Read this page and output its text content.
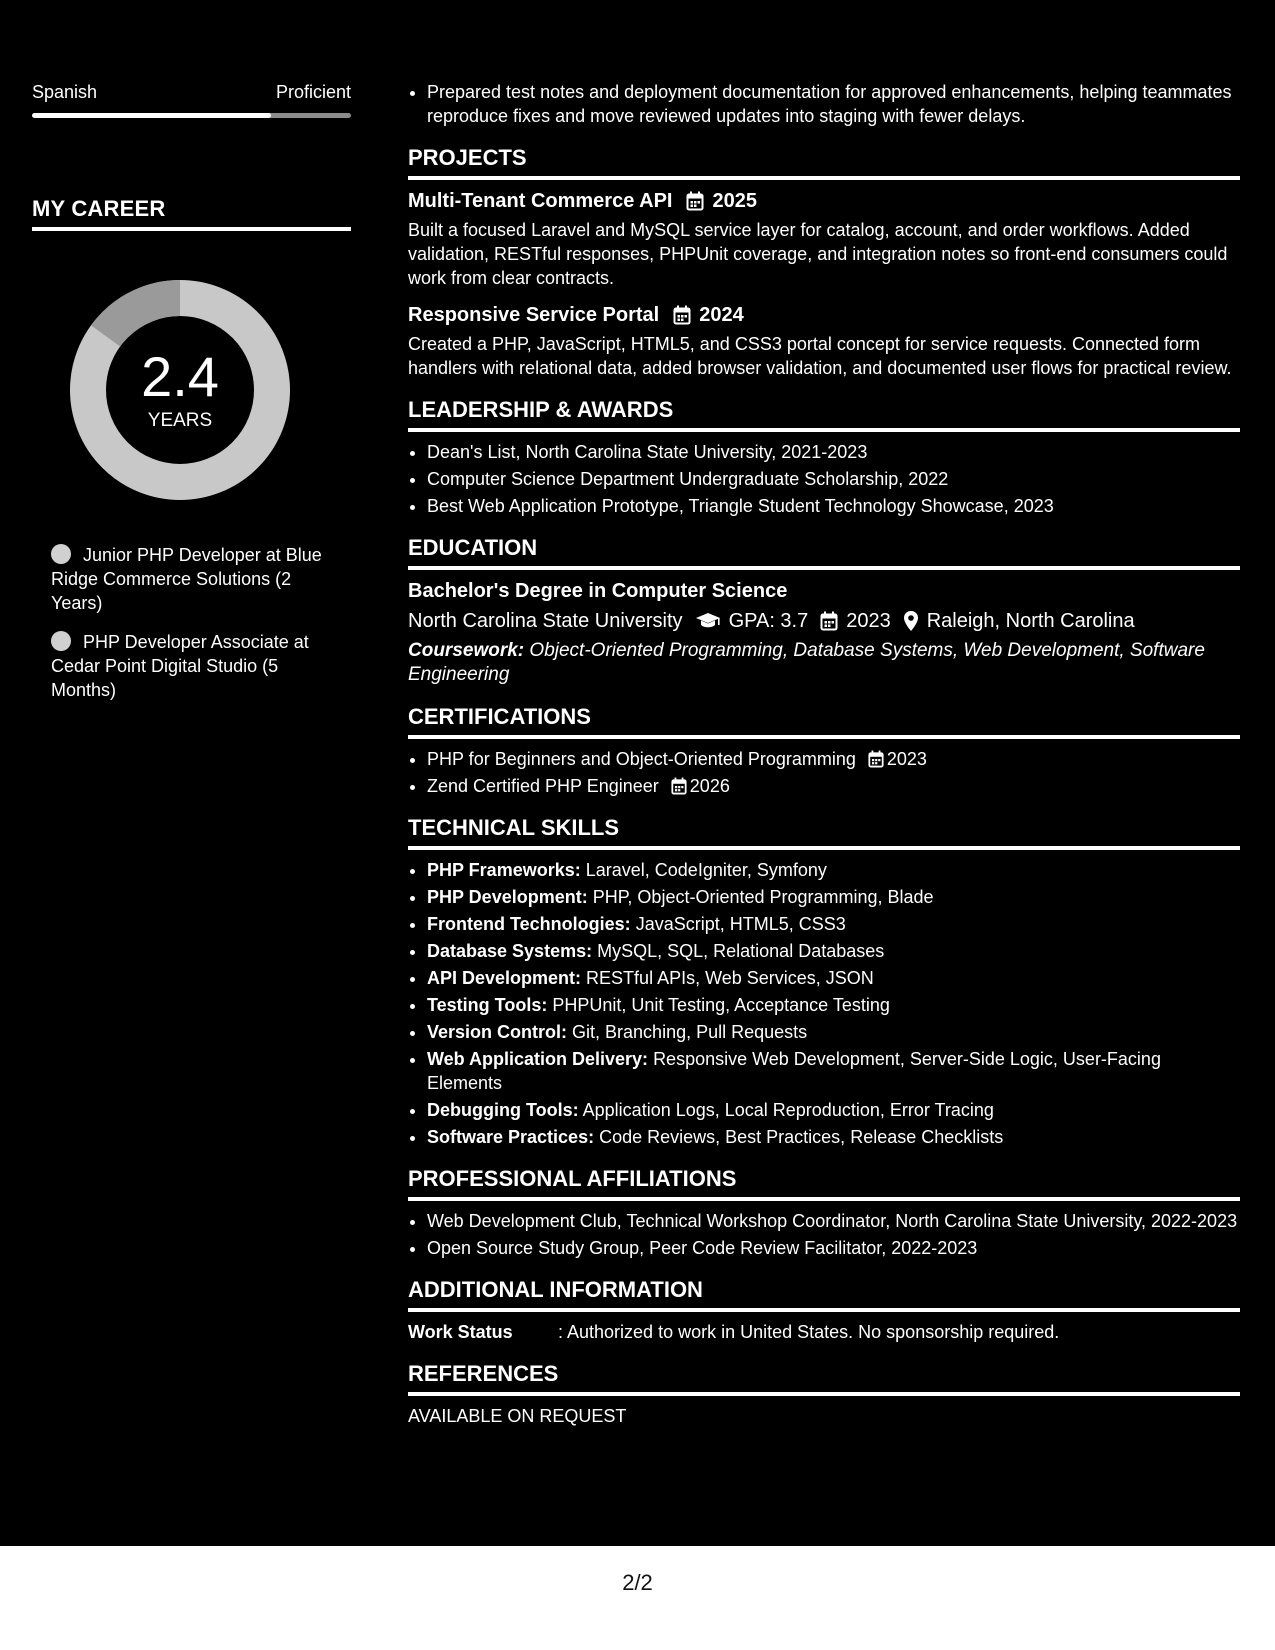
Spanish	Proficient
MY CAREER
2.4
YEARS
Junior PHP Developer at Blue Ridge Commerce Solutions (2 Years)
PHP Developer Associate at Cedar Point Digital Studio (5 Months)
• Prepared test notes and deployment documentation for approved enhancements, helping teammates reproduce fixes and move reviewed updates into staging with fewer delays.
PROJECTS
Multi-Tenant Commerce API 2025
Built a focused Laravel and MySQL service layer for catalog, account, and order workflows. Added validation, RESTful responses, PHPUnit coverage, and integration notes so front-end consumers could work from clear contracts.
Responsive Service Portal 2024
Created a PHP, JavaScript, HTML5, and CSS3 portal concept for service requests. Connected form handlers with relational data, added browser validation, and documented user flows for practical review.
LEADERSHIP & AWARDS
• Dean's List, North Carolina State University, 2021-2023
• Computer Science Department Undergraduate Scholarship, 2022
• Best Web Application Prototype, Triangle Student Technology Showcase, 2023
EDUCATION
Bachelor's Degree in Computer Science
North Carolina State University GPA: 3.7 2023 Raleigh, North Carolina
Coursework: Object-Oriented Programming, Database Systems, Web Development, Software Engineering
CERTIFICATIONS
• PHP for Beginners and Object-Oriented Programming 2023
• Zend Certified PHP Engineer 2026
TECHNICAL SKILLS
• PHP Frameworks: Laravel, CodeIgniter, Symfony
• PHP Development: PHP, Object-Oriented Programming, Blade
• Frontend Technologies: JavaScript, HTML5, CSS3
• Database Systems: MySQL, SQL, Relational Databases
• API Development: RESTful APIs, Web Services, JSON
• Testing Tools: PHPUnit, Unit Testing, Acceptance Testing
• Version Control: Git, Branching, Pull Requests
• Web Application Delivery: Responsive Web Development, Server-Side Logic, User-Facing Elements
• Debugging Tools: Application Logs, Local Reproduction, Error Tracing
• Software Practices: Code Reviews, Best Practices, Release Checklists
PROFESSIONAL AFFILIATIONS
• Web Development Club, Technical Workshop Coordinator, North Carolina State University, 2022-2023
• Open Source Study Group, Peer Code Review Facilitator, 2022-2023
ADDITIONAL INFORMATION
Work Status	: Authorized to work in United States. No sponsorship required.
REFERENCES
AVAILABLE ON REQUEST
2/2
